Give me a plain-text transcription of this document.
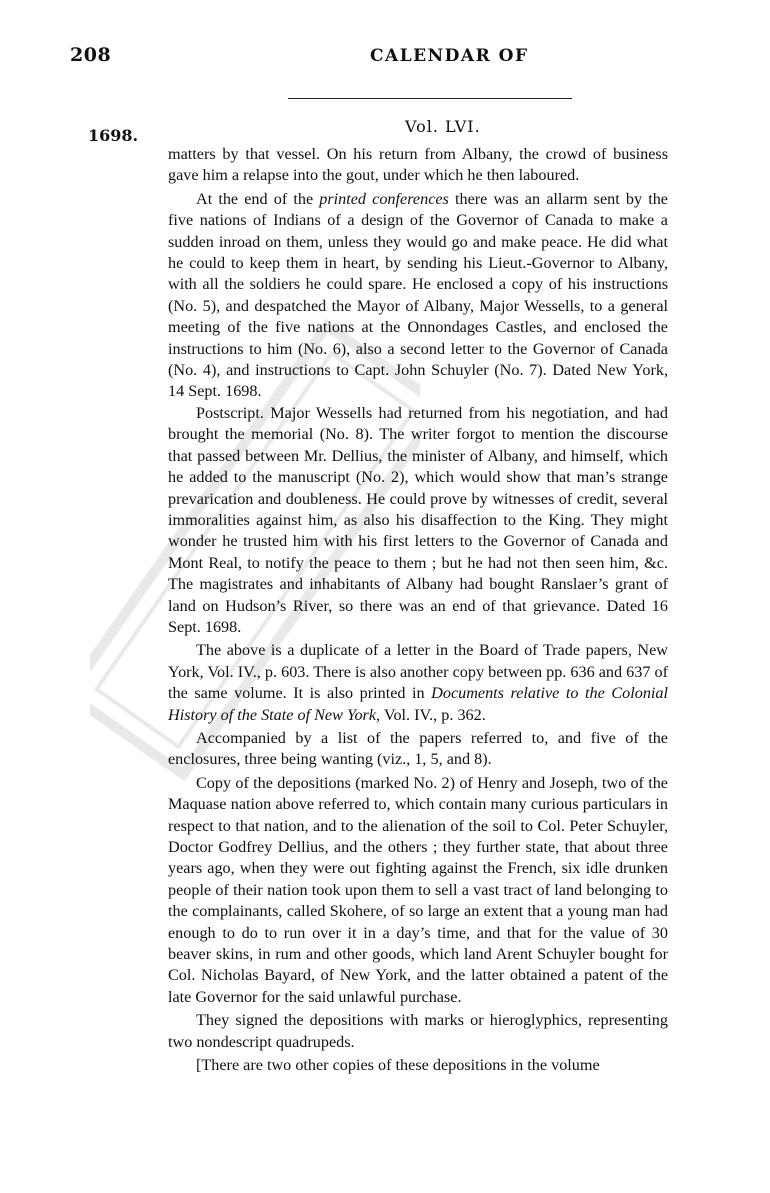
208	CALENDAR OF
1698.	Vol. LVI.

matters by that vessel. On his return from Albany, the crowd of business gave him a relapse into the gout, under which he then laboured.

At the end of the printed conferences there was an allarm sent by the five nations of Indians of a design of the Governor of Canada to make a sudden inroad on them, unless they would go and make peace. He did what he could to keep them in heart, by sending his Lieut.-Governor to Albany, with all the soldiers he could spare. He enclosed a copy of his instructions (No. 5), and despatched the Mayor of Albany, Major Wessells, to a general meeting of the five nations at the Onnondages Castles, and enclosed the instructions to him (No. 6), also a second letter to the Governor of Canada (No. 4), and instructions to Capt. John Schuyler (No. 7). Dated New York, 14 Sept. 1698.

Postscript. Major Wessells had returned from his negotiation, and had brought the memorial (No. 8). The writer forgot to mention the discourse that passed between Mr. Dellius, the minister of Albany, and himself, which he added to the manuscript (No. 2), which would show that man’s strange prevarication and doubleness. He could prove by witnesses of credit, several immoralities against him, as also his disaffection to the King. They might wonder he trusted him with his first letters to the Governor of Canada and Mont Real, to notify the peace to them ; but he had not then seen him, &c. The magistrates and inhabitants of Albany had bought Ranslaer’s grant of land on Hudson’s River, so there was an end of that grievance. Dated 16 Sept. 1698.

The above is a duplicate of a letter in the Board of Trade papers, New York, Vol. IV., p. 603. There is also another copy between pp. 636 and 637 of the same volume. It is also printed in Documents relative to the Colonial History of the State of New York, Vol. IV., p. 362.

Accompanied by a list of the papers referred to, and five of the enclosures, three being wanting (viz., 1, 5, and 8).

Copy of the depositions (marked No. 2) of Henry and Joseph, two of the Maquase nation above referred to, which contain many curious particulars in respect to that nation, and to the alienation of the soil to Col. Peter Schuyler, Doctor Godfrey Dellius, and the others ; they further state, that about three years ago, when they were out fighting against the French, six idle drunken people of their nation took upon them to sell a vast tract of land belonging to the complainants, called Skohere, of so large an extent that a young man had enough to do to run over it in a day’s time, and that for the value of 30 beaver skins, in rum and other goods, which land Arent Schuyler bought for Col. Nicholas Bayard, of New York, and the latter obtained a patent of the late Governor for the said unlawful purchase.

They signed the depositions with marks or hieroglyphics, representing two nondescript quadrupeds.

[There are two other copies of these depositions in the volume
